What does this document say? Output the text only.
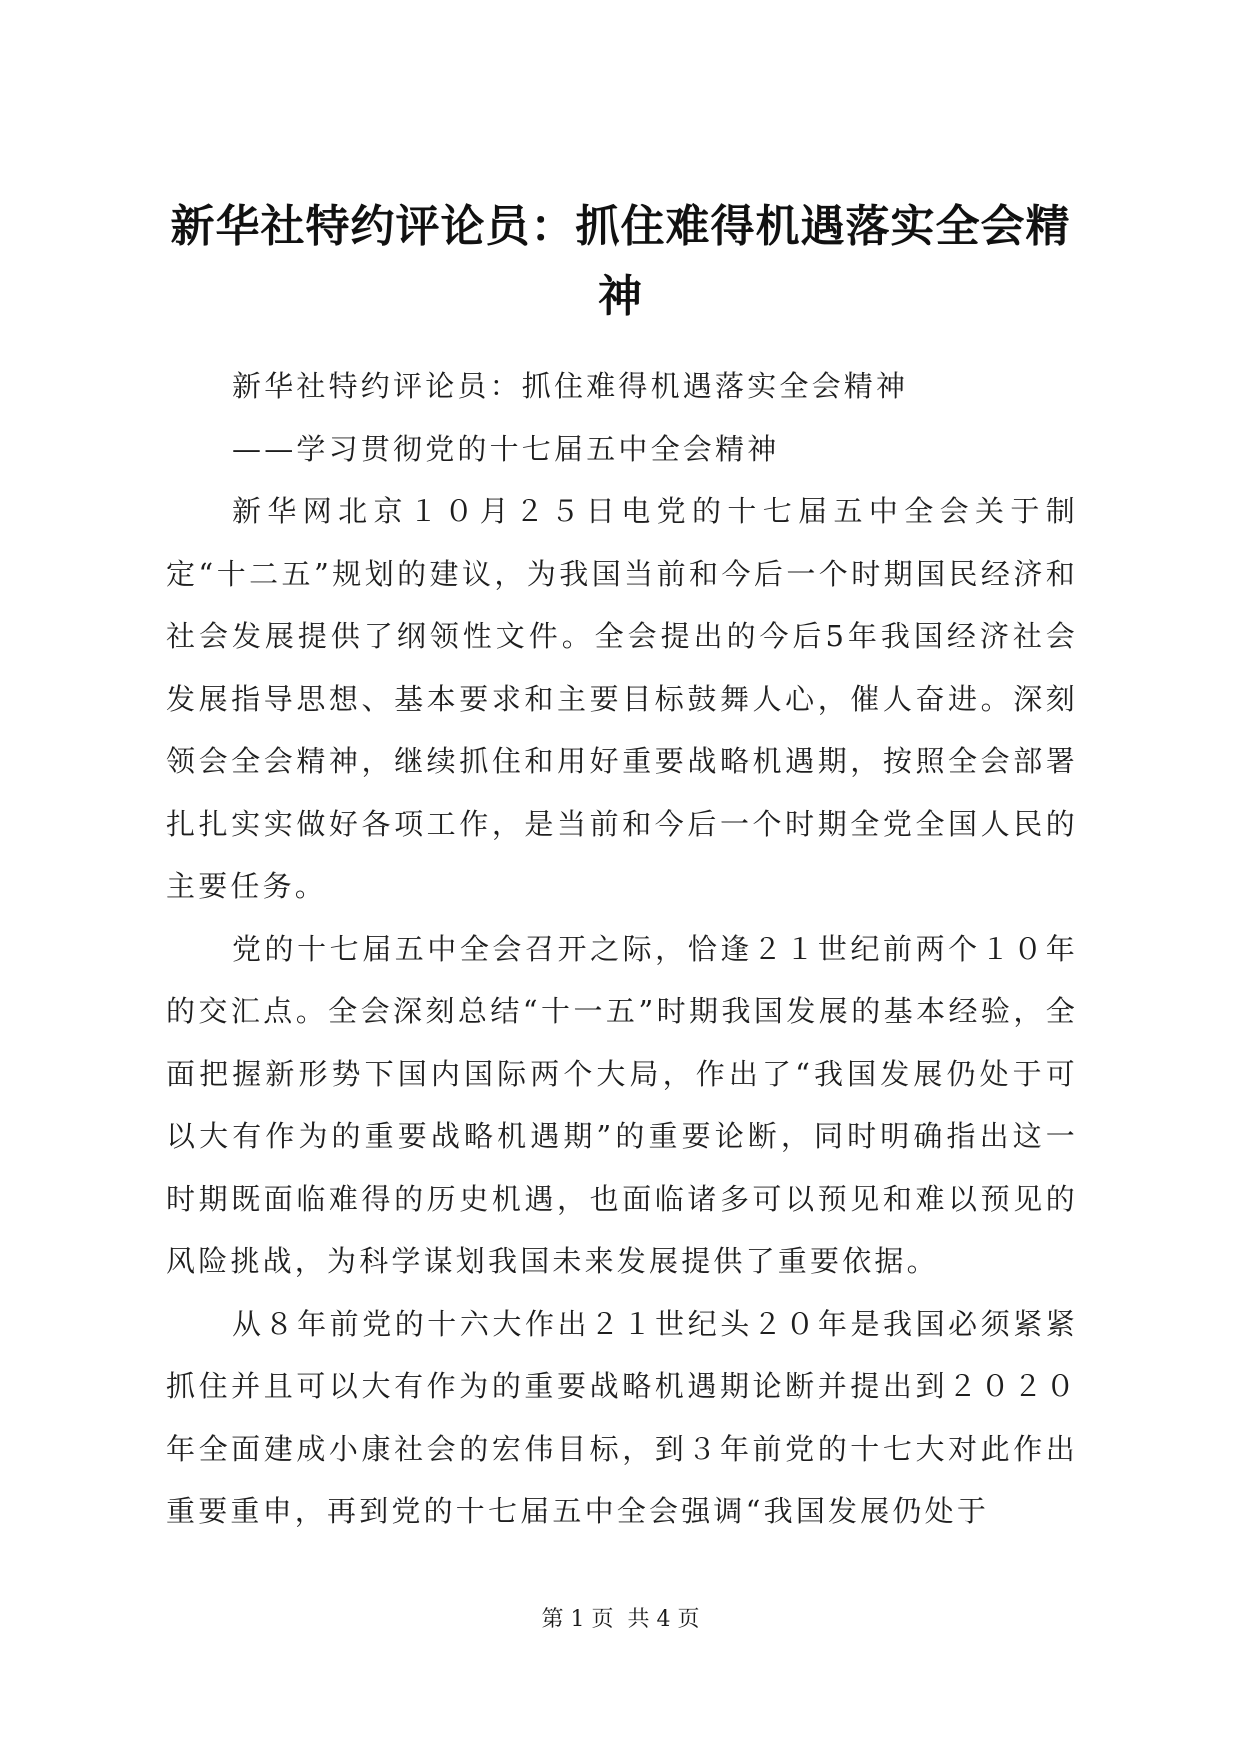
新华社特约评论员：抓住难得机遇落实全会精神

新华社特约评论员：抓住难得机遇落实全会精神

——学习贯彻党的十七届五中全会精神

新华网北京１０月２５日电党的十七届五中全会关于制定“十二五”规划的建议，为我国当前和今后一个时期国民经济和社会发展提供了纲领性文件。全会提出的今后5年我国经济社会发展指导思想、基本要求和主要目标鼓舞人心，催人奋进。深刻领会全会精神，继续抓住和用好重要战略机遇期，按照全会部署扎扎实实做好各项工作，是当前和今后一个时期全党全国人民的主要任务。

党的十七届五中全会召开之际，恰逢２１世纪前两个１０年的交汇点。全会深刻总结“十一五”时期我国发展的基本经验，全面把握新形势下国内国际两个大局，作出了“我国发展仍处于可以大有作为的重要战略机遇期”的重要论断，同时明确指出这一时期既面临难得的历史机遇，也面临诸多可以预见和难以预见的风险挑战，为科学谋划我国未来发展提供了重要依据。

从８年前党的十六大作出２１世纪头２０年是我国必须紧紧抓住并且可以大有作为的重要战略机遇期论断并提出到２０２０年全面建成小康社会的宏伟目标，到３年前党的十七大对此作出重要重申，再到党的十七届五中全会强调“我国发展仍处于

第 1 页  共 4 页
